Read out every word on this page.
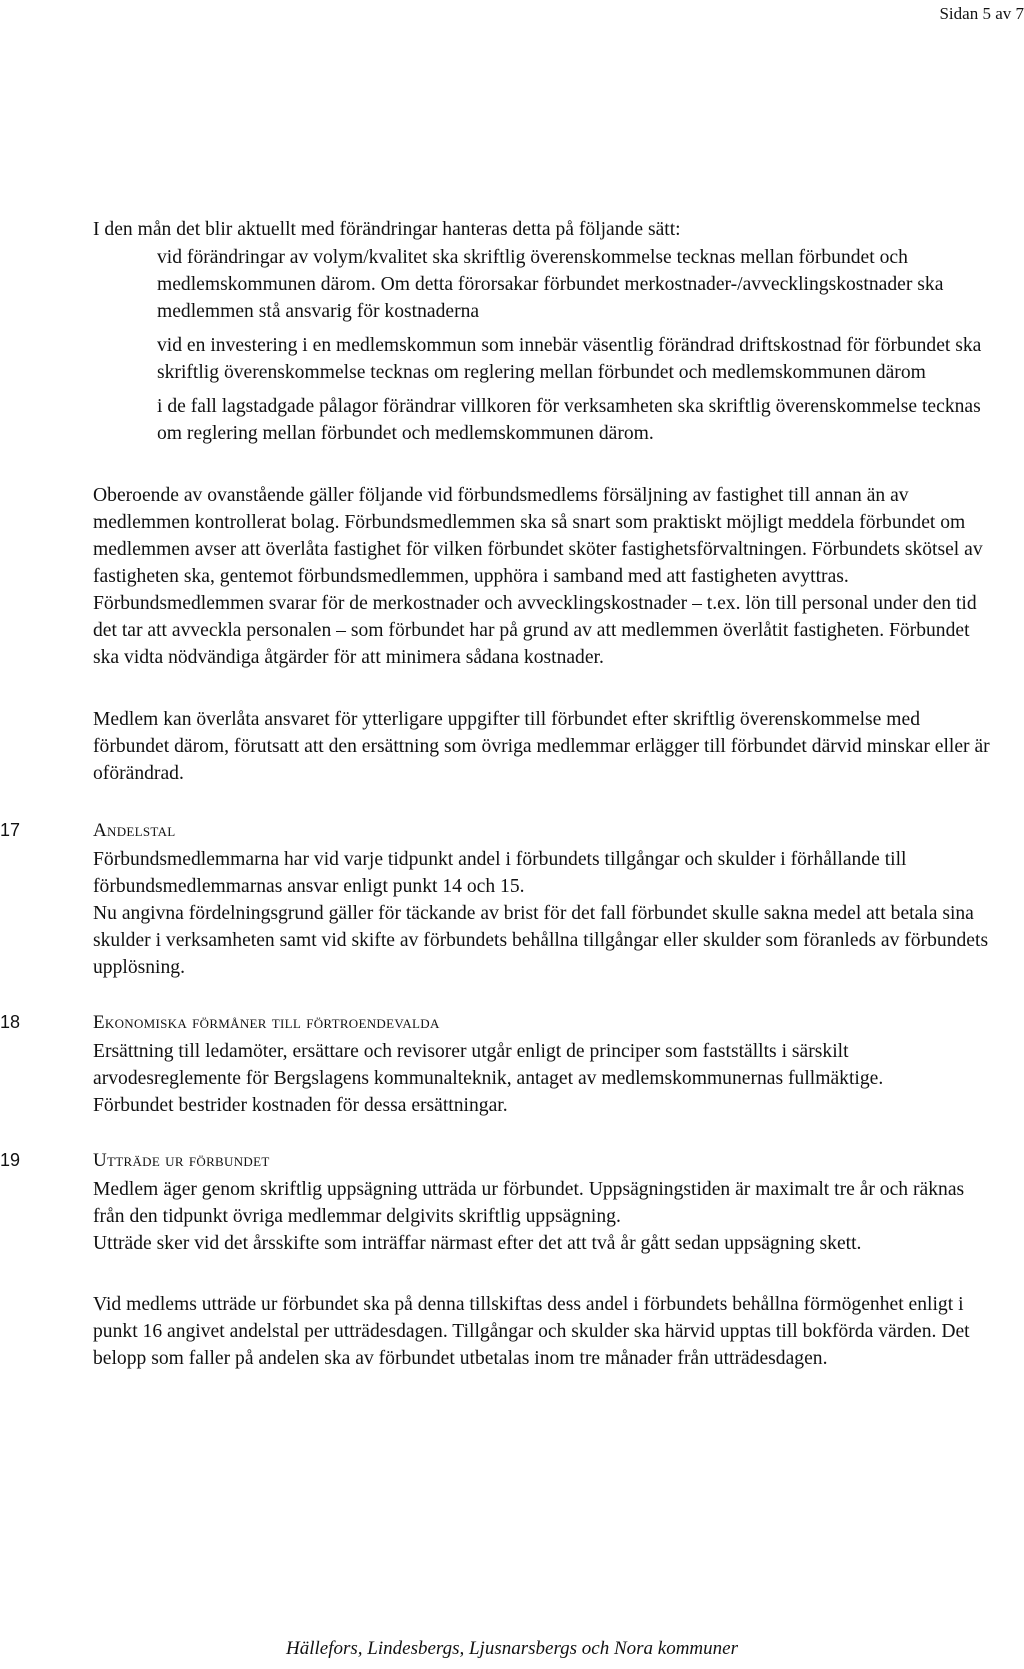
Sidan 5 av 7

I den mån det blir aktuellt med förändringar hanteras detta på följande sätt:

vid förändringar av volym/kvalitet ska skriftlig överenskommelse tecknas mellan förbundet och medlemskommunen därom. Om detta förorsakar förbundet merkostnader-/avvecklingskostnader ska medlemmen stå ansvarig för kostnaderna

vid en investering i en medlemskommun som innebär väsentlig förändrad driftskostnad för förbundet ska skriftlig överenskommelse tecknas om reglering mellan förbundet och medlemskommunen därom

i de fall lagstadgade pålagor förändrar villkoren för verksamheten ska skriftlig överenskommelse tecknas om reglering mellan förbundet och medlemskommunen därom.

Oberoende av ovanstående gäller följande vid förbundsmedlems försäljning av fastighet till annan än av medlemmen kontrollerat bolag. Förbundsmedlemmen ska så snart som praktiskt möjligt meddela förbundet om medlemmen avser att överlåta fastighet för vilken förbundet sköter fastighetsförvaltningen. Förbundets skötsel av fastigheten ska, gentemot förbundsmedlemmen, upphöra i samband med att fastigheten avyttras. Förbundsmedlemmen svarar för de merkostnader och avvecklingskostnader – t.ex. lön till personal under den tid det tar att avveckla personalen – som förbundet har på grund av att medlemmen överlåtit fastigheten. Förbundet ska vidta nödvändiga åtgärder för att minimera sådana kostnader.

Medlem kan överlåta ansvaret för ytterligare uppgifter till förbundet efter skriftlig överenskommelse med förbundet därom, förutsatt att den ersättning som övriga medlemmar erlägger till förbundet därvid minskar eller är oförändrad.

17	Andelstal

Förbundsmedlemmarna har vid varje tidpunkt andel i förbundets tillgångar och skulder i förhållande till förbundsmedlemmarnas ansvar enligt punkt 14 och 15.

Nu angivna fördelningsgrund gäller för täckande av brist för det fall förbundet skulle sakna medel att betala sina skulder i verksamheten samt vid skifte av förbundets behållna tillgångar eller skulder som föranleds av förbundets upplösning.

18	Ekonomiska förmåner till förtroendevalda

Ersättning till ledamöter, ersättare och revisorer utgår enligt de principer som fastställts i särskilt arvodesreglemente för Bergslagens kommunalteknik, antaget av medlemskommunernas fullmäktige.

Förbundet bestrider kostnaden för dessa ersättningar.

19	Utträde ur förbundet

Medlem äger genom skriftlig uppsägning utträda ur förbundet. Uppsägningstiden är maximalt tre år och räknas från den tidpunkt övriga medlemmar delgivits skriftlig uppsägning.

Utträde sker vid det årsskifte som inträffar närmast efter det att två år gått sedan uppsägning skett.

Vid medlems utträde ur förbundet ska på denna tillskiftas dess andel i förbundets behållna förmögenhet enligt i punkt 16 angivet andelstal per utträdesdagen. Tillgångar och skulder ska härvid upptas till bokförda värden. Det belopp som faller på andelen ska av förbundet utbetalas inom tre månader från utträdesdagen.

Hällefors, Lindesbergs, Ljusnarsbergs och Nora kommuner
